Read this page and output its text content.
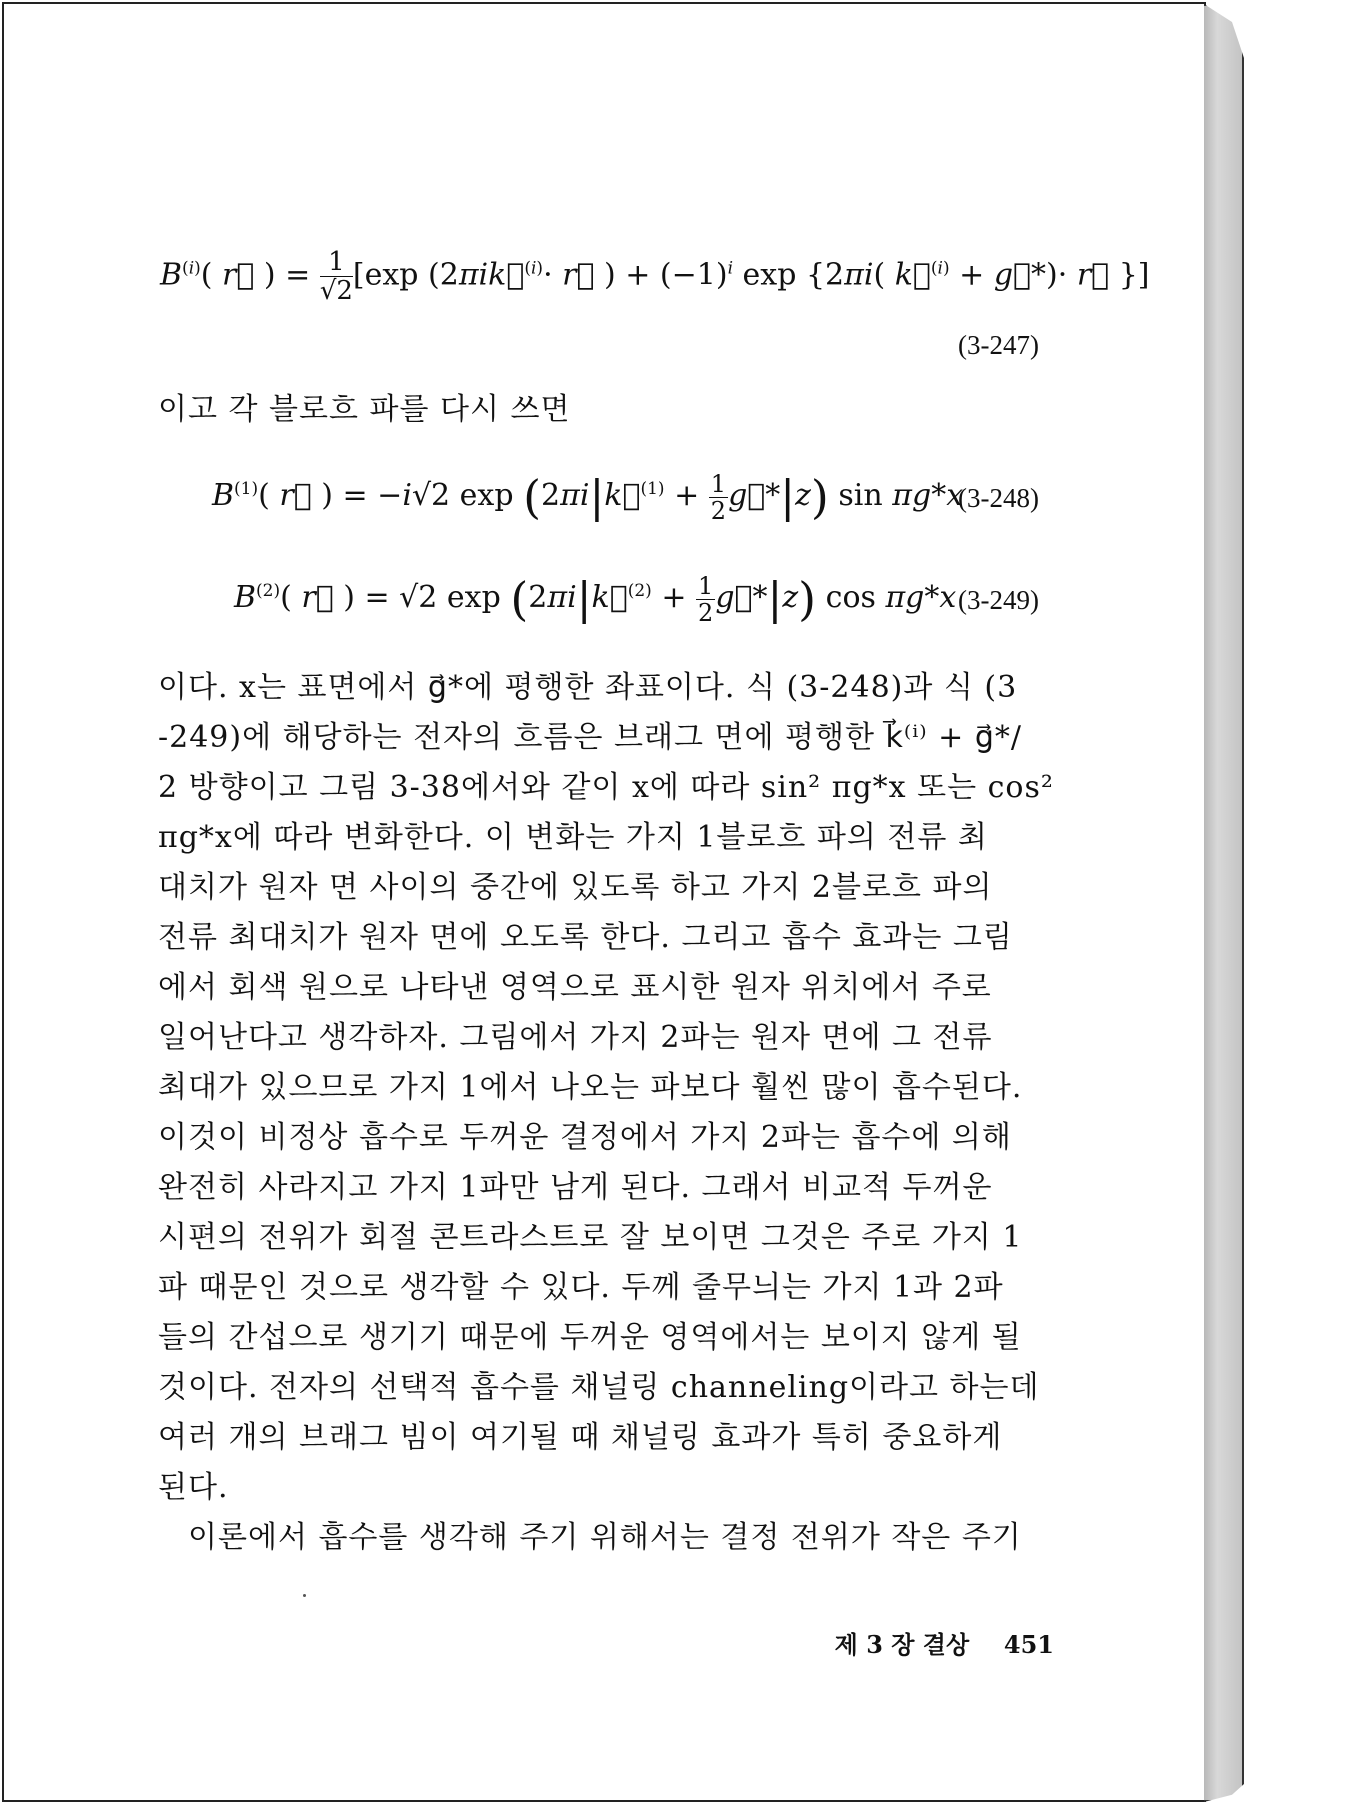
$B^{(i)}$( r⃗ ) = $\frac{1}{√2} [\exp$ (2πik⃗$^{(i)}$· r⃗ ) + $(-1)^i$ exp {2πi( k⃗$^{(i)}$ + g⃗*)· r⃗ }]
(3-247)
이고 각 블로흐 파를 다시 쓰면
$B^{(1)}$( r⃗ ) = −i√2 exp (2πi|k⃗$^{(1)}$ + $\frac{1}{2}$ g⃗*|z) sin πg*x
(3-248)
$B^{(2)}$( r⃗ ) = √2 exp (2πi|k⃗$^{(2)}$ + $\frac{1}{2}$ g⃗*|z) cos πg*x (3-249)
이다. x는 표면에서 g⃗*에 평행한 좌표이다. 식 (3-248)과 식 (3
-249)에 해당하는 전자의 흐름은 브래그 면에 평행한 k⃗⁽ⁱ⁾ + g⃗*/
2 방향이고 그림 3-38에서와 같이 x에 따라 sin² πg*x 또는 cos²
πg*x에 따라 변화한다. 이 변화는 가지 1블로흐 파의 전류 최
대치가 원자 면 사이의 중간에 있도록 하고 가지 2블로흐 파의
전류 최대치가 원자 면에 오도록 한다. 그리고 흡수 효과는 그림
에서 회색 원으로 나타낸 영역으로 표시한 원자 위치에서 주로
일어난다고 생각하자. 그림에서 가지 2파는 원자 면에 그 전류
최대가 있으므로 가지 1에서 나오는 파보다 훨씬 많이 흡수된다.
이것이 비정상 흡수로 두꺼운 결정에서 가지 2파는 흡수에 의해
완전히 사라지고 가지 1파만 남게 된다. 그래서 비교적 두꺼운
시편의 전위가 회절 콘트라스트로 잘 보이면 그것은 주로 가지 1
파 때문인 것으로 생각할 수 있다. 두께 줄무늬는 가지 1과 2파
들의 간섭으로 생기기 때문에 두꺼운 영역에서는 보이지 않게 될
것이다. 전자의 선택적 흡수를 채널링 channeling이라고 하는데
여러 개의 브래그 빔이 여기될 때 채널링 효과가 특히 중요하게
된다.
이론에서 흡수를 생각해 주기 위해서는 결정 전위가 작은 주기
제 3 장 결상 451
